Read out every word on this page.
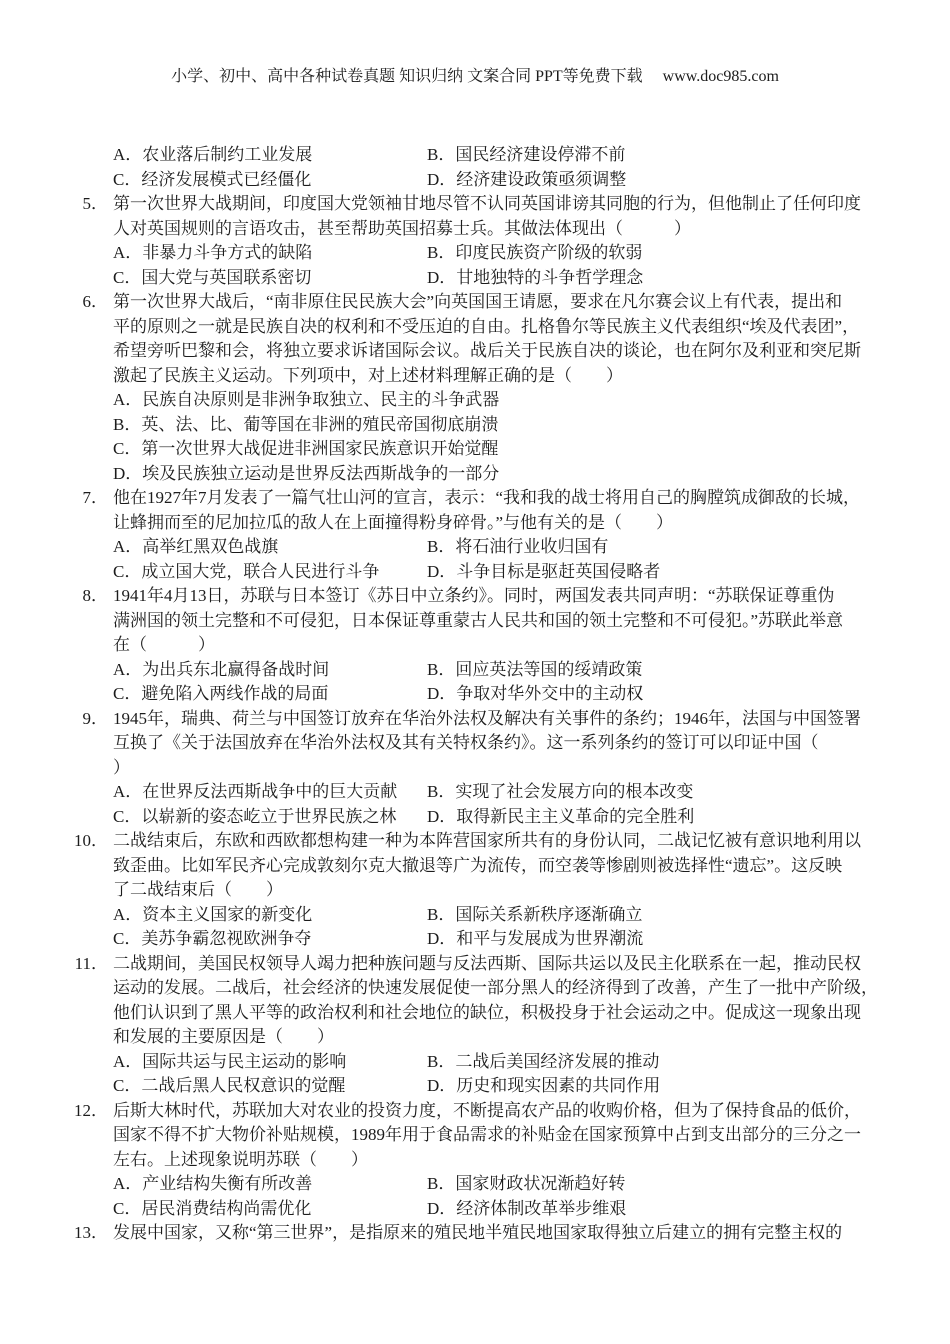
小学、初中、高中各种试卷真题 知识归纳 文案合同 PPT等免费下载 www.doc985.com
A．农业落后制约工业发展	B．国民经济建设停滞不前
C．经济发展模式已经僵化	D．经济建设政策亟须调整
5． 第一次世界大战期间，印度国大党领袖甘地尽管不认同英国诽谤其同胞的行为，但他制止了任何印度
人对英国规则的言语攻击，甚至帮助英国招募士兵。其做法体现出（　　　）
A．非暴力斗争方式的缺陷	B．印度民族资产阶级的软弱
C．国大党与英国联系密切	D．甘地独特的斗争哲学理念
6． 第一次世界大战后，“南非原住民民族大会”向英国国王请愿，要求在凡尔赛会议上有代表，提出和
平的原则之一就是民族自决的权利和不受压迫的自由。扎格鲁尔等民族主义代表组织“埃及代表团”，
希望旁听巴黎和会，将独立要求诉诸国际会议。战后关于民族自决的谈论，也在阿尔及利亚和突尼斯
激起了民族主义运动。下列项中，对上述材料理解正确的是（　　）
A．民族自决原则是非洲争取独立、民主的斗争武器
B．英、法、比、葡等国在非洲的殖民帝国彻底崩溃
C．第一次世界大战促进非洲国家民族意识开始觉醒
D．埃及民族独立运动是世界反法西斯战争的一部分
7． 他在1927年7月发表了一篇气壮山河的宣言，表示：“我和我的战士将用自己的胸膛筑成御敌的长城，
让蜂拥而至的尼加拉瓜的敌人在上面撞得粉身碎骨。”与他有关的是（　　）
A．高举红黑双色战旗	B．将石油行业收归国有
C．成立国大党，联合人民进行斗争	D．斗争目标是驱赶英国侵略者
8． 1941年4月13日，苏联与日本签订《苏日中立条约》。同时，两国发表共同声明：“苏联保证尊重伪
满洲国的领土完整和不可侵犯，日本保证尊重蒙古人民共和国的领土完整和不可侵犯。”苏联此举意
在（　　　）
A．为出兵东北赢得备战时间	B．回应英法等国的绥靖政策
C．避免陷入两线作战的局面	D．争取对华外交中的主动权
9． 1945年，瑞典、荷兰与中国签订放弃在华治外法权及解决有关事件的条约；1946年，法国与中国签署
互换了《关于法国放弃在华治外法权及其有关特权条约》。这一系列条约的签订可以印证中国（
）
A．在世界反法西斯战争中的巨大贡献	B．实现了社会发展方向的根本改变
C．以崭新的姿态屹立于世界民族之林	D．取得新民主主义革命的完全胜利
10． 二战结束后，东欧和西欧都想构建一种为本阵营国家所共有的身份认同，二战记忆被有意识地利用以
致歪曲。比如军民齐心完成敦刻尔克大撤退等广为流传，而空袭等惨剧则被选择性“遗忘”。这反映
了二战结束后（　　）
A．资本主义国家的新变化	B．国际关系新秩序逐渐确立
C．美苏争霸忽视欧洲争夺	D．和平与发展成为世界潮流
11． 二战期间，美国民权领导人竭力把种族问题与反法西斯、国际共运以及民主化联系在一起，推动民权
运动的发展。二战后，社会经济的快速发展促使一部分黑人的经济得到了改善，产生了一批中产阶级，
他们认识到了黑人平等的政治权利和社会地位的缺位，积极投身于社会运动之中。促成这一现象出现
和发展的主要原因是（　　）
A．国际共运与民主运动的影响	B．二战后美国经济发展的推动
C．二战后黑人民权意识的觉醒	D．历史和现实因素的共同作用
12． 后斯大林时代，苏联加大对农业的投资力度，不断提高农产品的收购价格，但为了保持食品的低价，
国家不得不扩大物价补贴规模，1989年用于食品需求的补贴金在国家预算中占到支出部分的三分之一
左右。上述现象说明苏联（　　）
A．产业结构失衡有所改善	B．国家财政状况渐趋好转
C．居民消费结构尚需优化	D．经济体制改革举步维艰
13． 发展中国家，又称“第三世界”，是指原来的殖民地半殖民地国家取得独立后建立的拥有完整主权的
